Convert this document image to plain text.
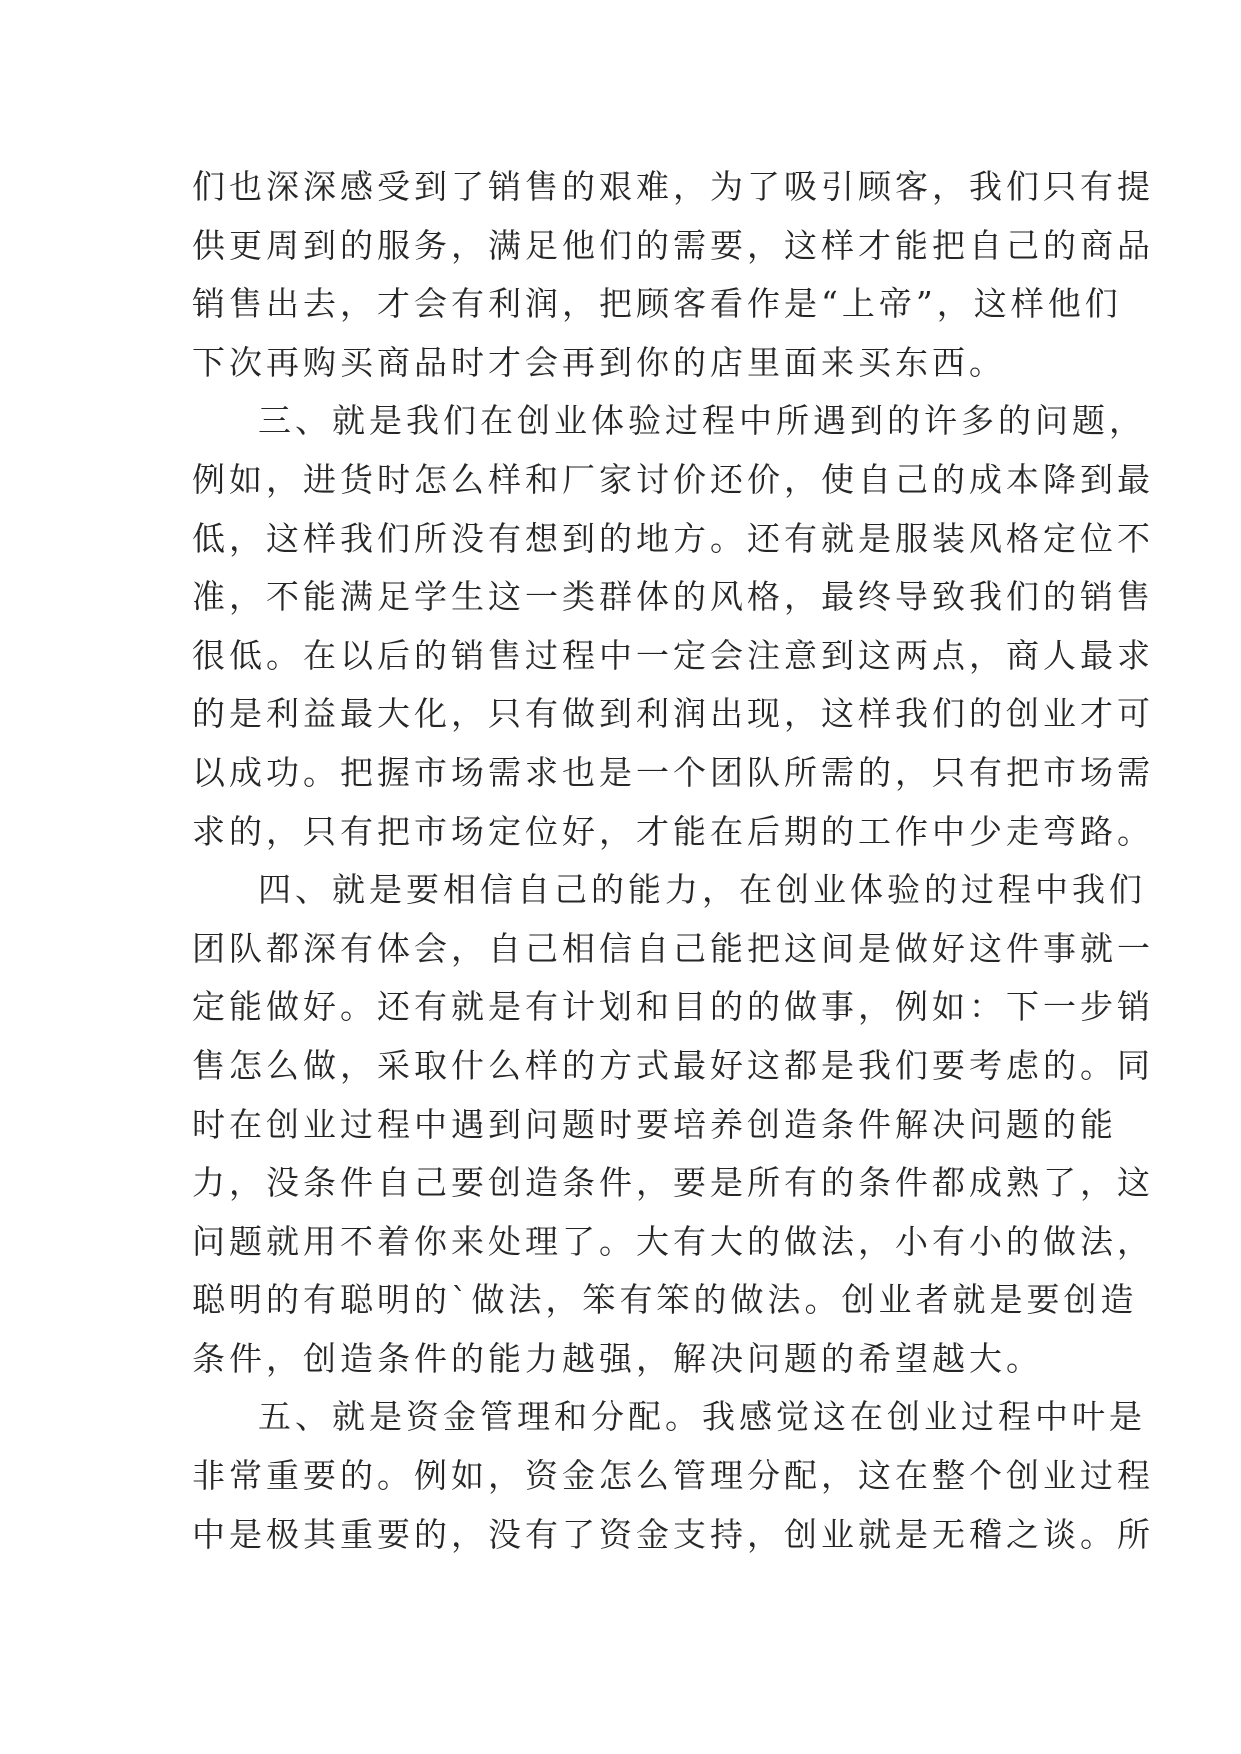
们也深深感受到了销售的艰难，为了吸引顾客，我们只有提
供更周到的服务，满足他们的需要，这样才能把自己的商品
销售出去，才会有利润，把顾客看作是“上帝”，这样他们
下次再购买商品时才会再到你的店里面来买东西。
三、就是我们在创业体验过程中所遇到的许多的问题，
例如，进货时怎么样和厂家讨价还价，使自己的成本降到最
低，这样我们所没有想到的地方。还有就是服装风格定位不
准，不能满足学生这一类群体的风格，最终导致我们的销售
很低。在以后的销售过程中一定会注意到这两点，商人最求
的是利益最大化，只有做到利润出现，这样我们的创业才可
以成功。把握市场需求也是一个团队所需的，只有把市场需
求的，只有把市场定位好，才能在后期的工作中少走弯路。
四、就是要相信自己的能力，在创业体验的过程中我们
团队都深有体会，自己相信自己能把这间是做好这件事就一
定能做好。还有就是有计划和目的的做事，例如：下一步销
售怎么做，采取什么样的方式最好这都是我们要考虑的。同
时在创业过程中遇到问题时要培养创造条件解决问题的能
力，没条件自己要创造条件，要是所有的条件都成熟了，这
问题就用不着你来处理了。大有大的做法，小有小的做法，
聪明的有聪明的`做法，笨有笨的做法。创业者就是要创造
条件，创造条件的能力越强，解决问题的希望越大。
五、就是资金管理和分配。我感觉这在创业过程中叶是
非常重要的。例如，资金怎么管理分配，这在整个创业过程
中是极其重要的，没有了资金支持，创业就是无稽之谈。所
